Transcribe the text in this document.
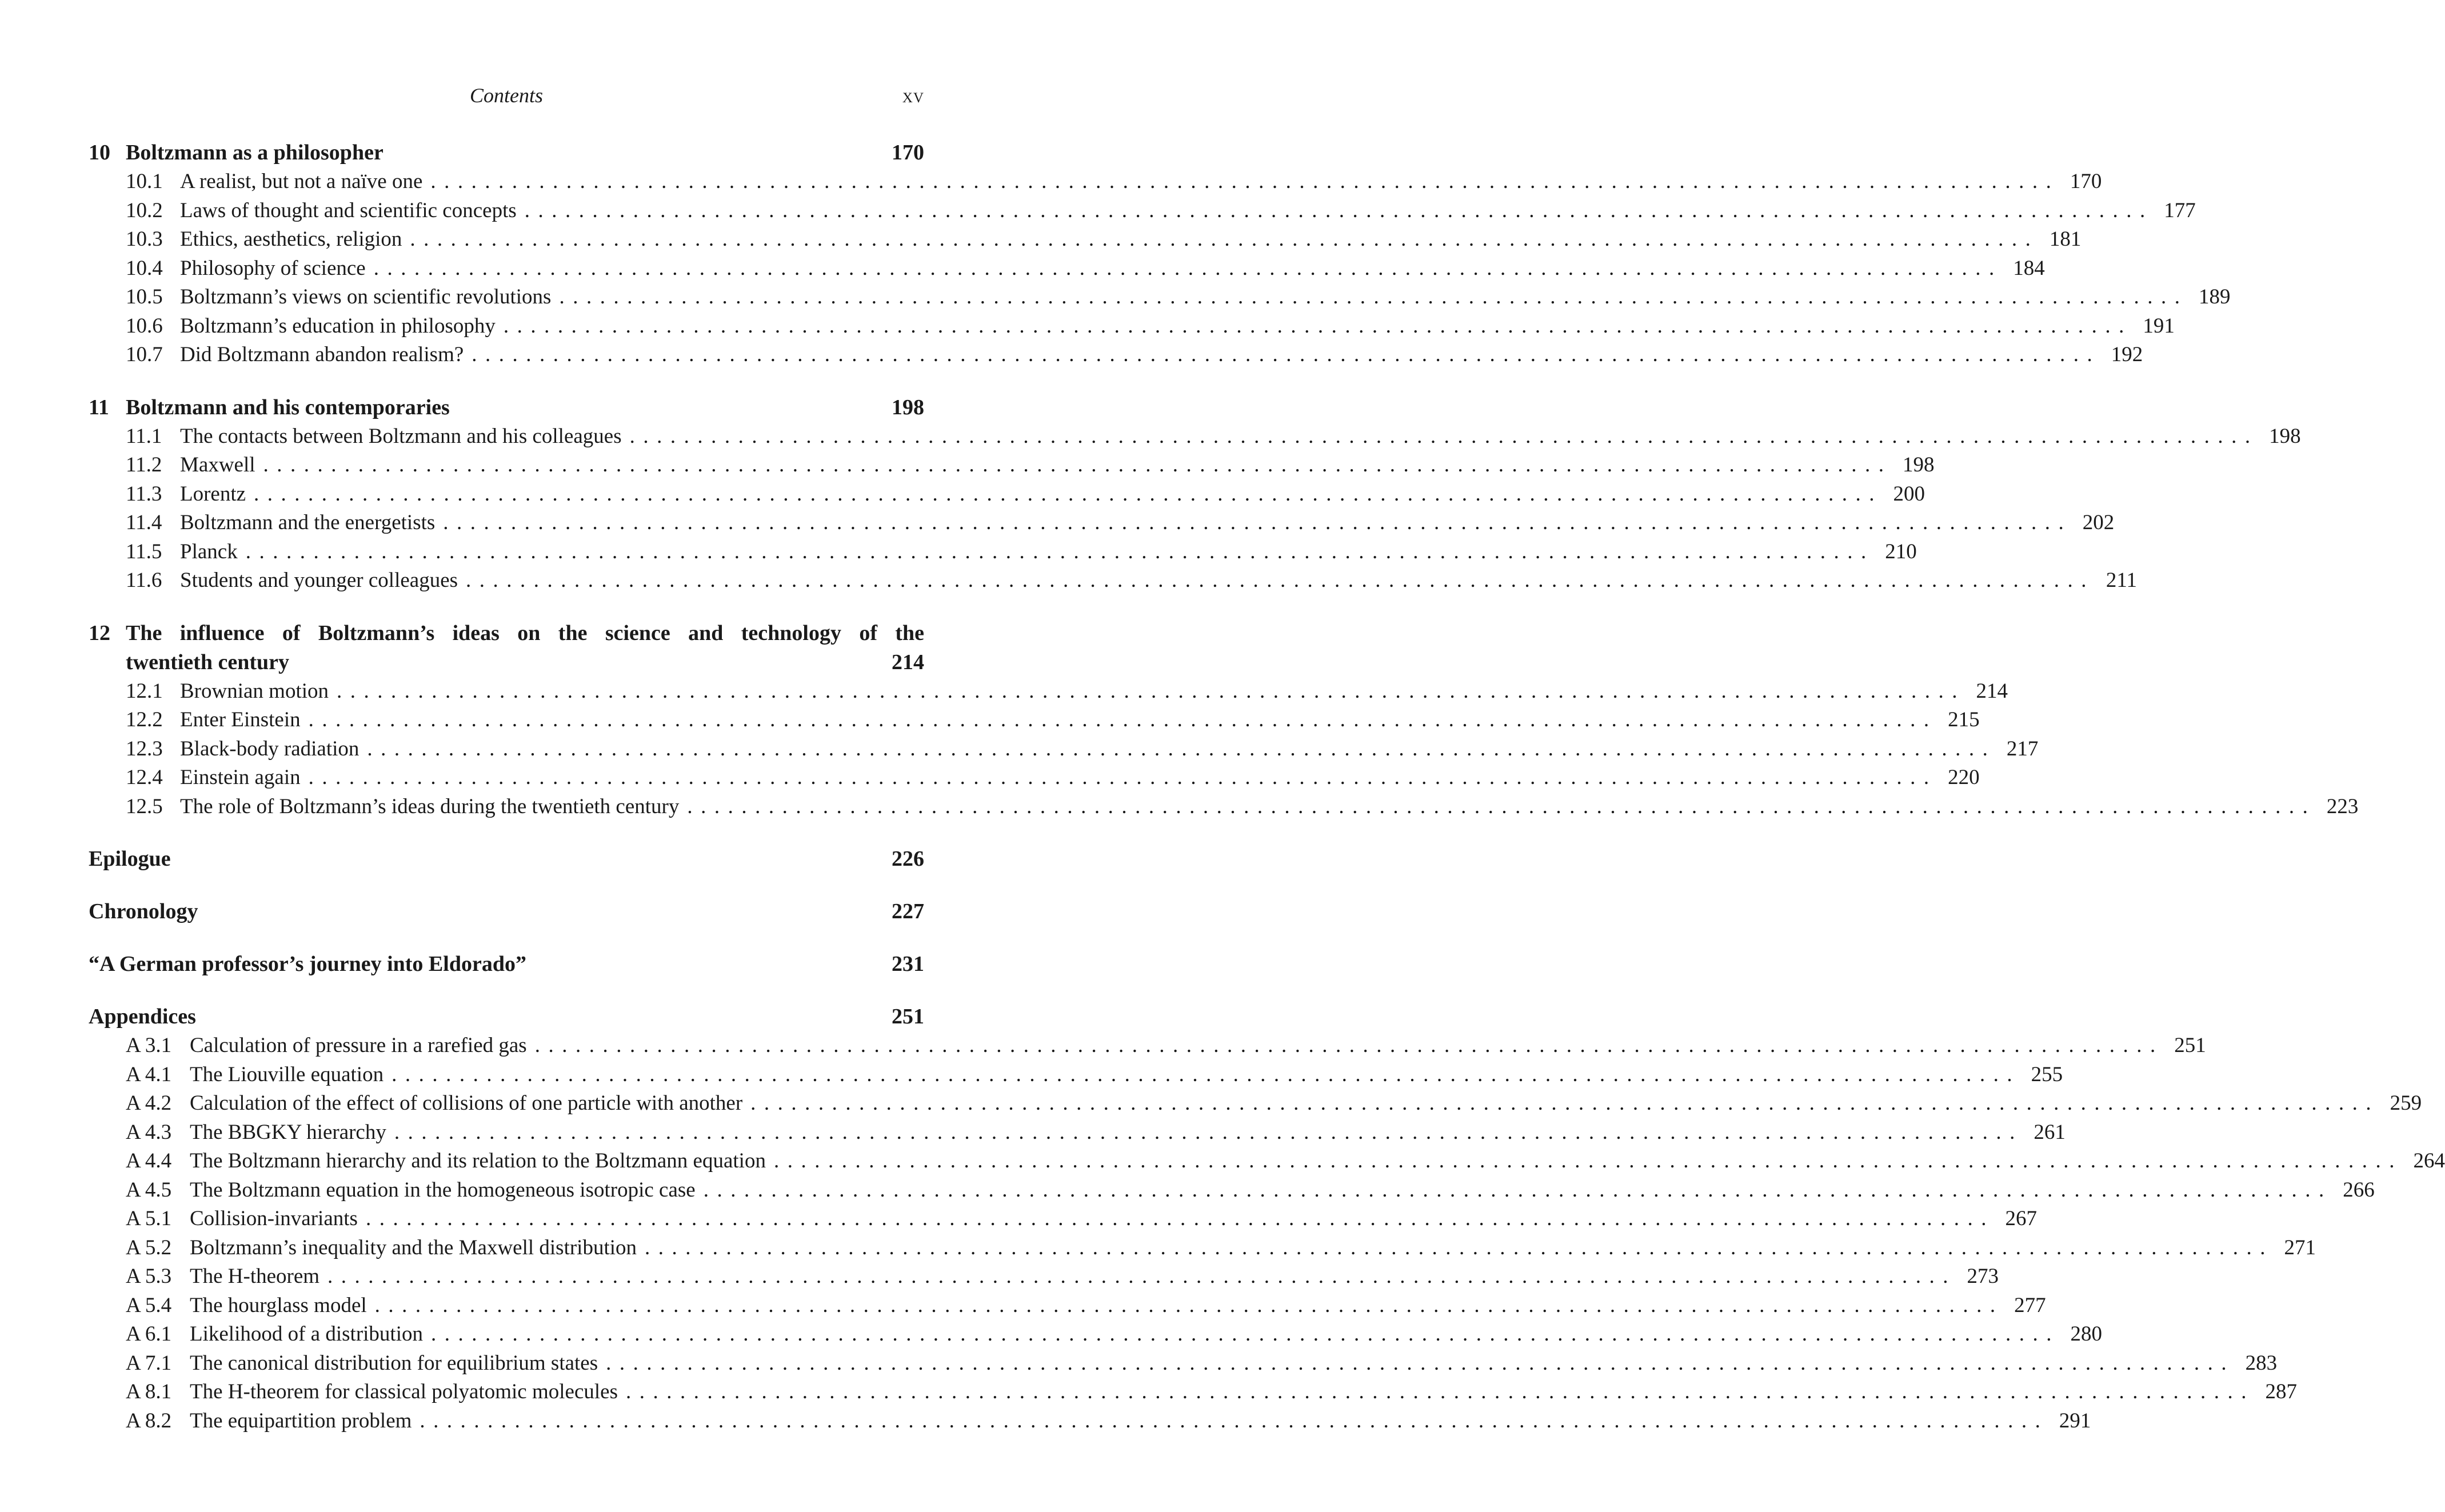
Contents	xv
10 Boltzmann as a philosopher	170
10.1 A realist, but not a naïve one ........................................................................................................................ 170
10.2 Laws of thought and scientific concepts ........................................................................................................................ 177
10.3 Ethics, aesthetics, religion ........................................................................................................................ 181
10.4 Philosophy of science ........................................................................................................................ 184
10.5 Boltzmann’s views on scientific revolutions ........................................................................................................................ 189
10.6 Boltzmann’s education in philosophy ........................................................................................................................ 191
10.7 Did Boltzmann abandon realism? ........................................................................................................................ 192
11 Boltzmann and his contemporaries	198
11.1 The contacts between Boltzmann and his colleagues ........................................................................................................................ 198
11.2 Maxwell ........................................................................................................................ 198
11.3 Lorentz ........................................................................................................................ 200
11.4 Boltzmann and the energetists ........................................................................................................................ 202
11.5 Planck ........................................................................................................................ 210
11.6 Students and younger colleagues ........................................................................................................................ 211
12 The influence of Boltzmann’s ideas on the science and technology of the
twentieth century	214
12.1 Brownian motion ........................................................................................................................ 214
12.2 Enter Einstein ........................................................................................................................ 215
12.3 Black-body radiation ........................................................................................................................ 217
12.4 Einstein again ........................................................................................................................ 220
12.5 The role of Boltzmann’s ideas during the twentieth century ........................................................................................................................ 223
Epilogue	226
Chronology	227
“A German professor’s journey into Eldorado”	231
Appendices	251
A 3.1 Calculation of pressure in a rarefied gas ........................................................................................................................ 251
A 4.1 The Liouville equation ........................................................................................................................ 255
A 4.2 Calculation of the effect of collisions of one particle with another ........................................................................................................................ 259
A 4.3 The BBGKY hierarchy ........................................................................................................................ 261
A 4.4 The Boltzmann hierarchy and its relation to the Boltzmann equation ........................................................................................................................ 264
A 4.5 The Boltzmann equation in the homogeneous isotropic case ........................................................................................................................ 266
A 5.1 Collision-invariants ........................................................................................................................ 267
A 5.2 Boltzmann’s inequality and the Maxwell distribution ........................................................................................................................ 271
A 5.3 The H-theorem ........................................................................................................................ 273
A 5.4 The hourglass model ........................................................................................................................ 277
A 6.1 Likelihood of a distribution ........................................................................................................................ 280
A 7.1 The canonical distribution for equilibrium states ........................................................................................................................ 283
A 8.1 The H-theorem for classical polyatomic molecules ........................................................................................................................ 287
A 8.2 The equipartition problem ........................................................................................................................ 291
